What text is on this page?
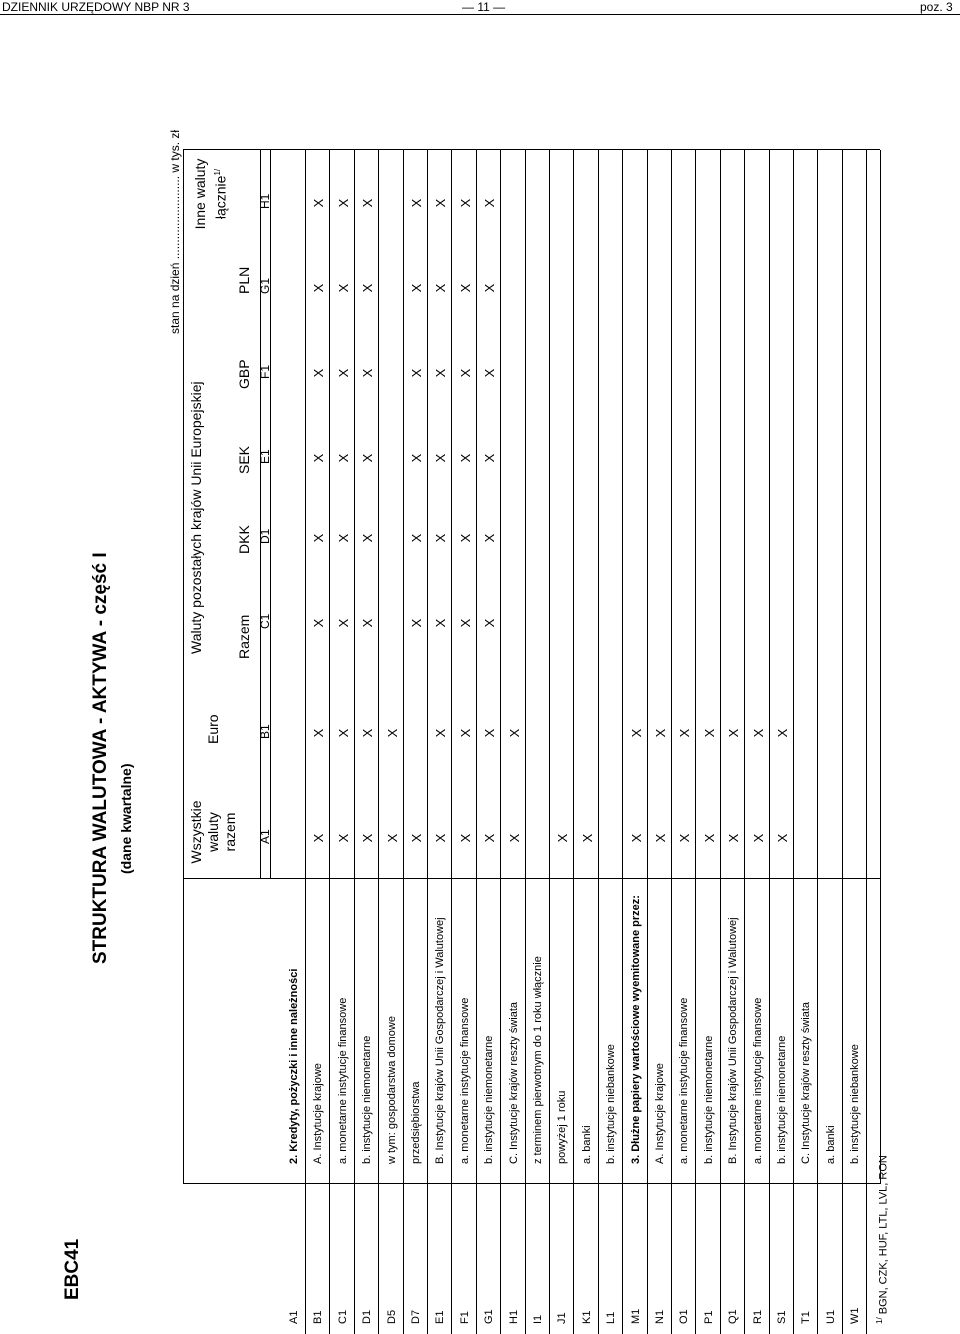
DZIENNIK URZĘDOWY NBP NR 3	— 11 —	poz. 3
EBC41
STRUKTURA WALUTOWA - AKTYWA - część I (dane kwartalne)
stan na dzień ......................... w tys. zł
Wszystkie waluty razem
Euro
Waluty pozostałych krajów Unii Europejskiej Razem
DKK
SEK
GBP
PLN
Inne waluty łącznie$^{1/}$
A1
B1
C1
D1
E1
F1
G1
H1
A1
2. Kredyty, pożyczki i inne należności
B1
A. Instytucje krajowe
X
X
X
X
X
X
X
X
C1
a. monetarne instytucje finansowe
X
X
X
X
X
X
X
X
D1
b. instytucje niemonetarne
X
X
X
X
X
X
X
X
D5
w tym: gospodarstwa domowe
X
X
D7
przedsiębiorstwa
X
X
X
X
X
X
X
E1
B. Instytucje krajów Unii Gospodarczej i Walutowej
X
X
X
X
X
X
X
X
F1
a. monetarne instytucje finansowe
X
X
X
X
X
X
X
X
G1
b. instytucje niemonetarne
X
X
X
X
X
X
X
X
H1
C. Instytucje krajów reszty świata
X
X
I1
z terminem pierwotnym do 1 roku włącznie
J1
powyżej 1 roku
X
K1
a. banki
X
L1
b. instytucje niebankowe
M1
3. Dłużne papiery wartościowe wyemitowane przez:
X
X
N1
A. Instytucje krajowe
X
X
O1
a. monetarne instytucje finansowe
X
X
P1
b. instytucje niemonetarne
X
X
Q1
B. Instytucje krajów Unii Gospodarczej i Walutowej
X
X
R1
a. monetarne instytucje finansowe
X
X
S1
b. instytucje niemonetarne
X
X
T1
C. Instytucje krajów reszty świata
U1
a. banki
W1
b. instytucje niebankowe
$^{1/}$ BGN, CZK, HUF, LTL, LVL, RON
